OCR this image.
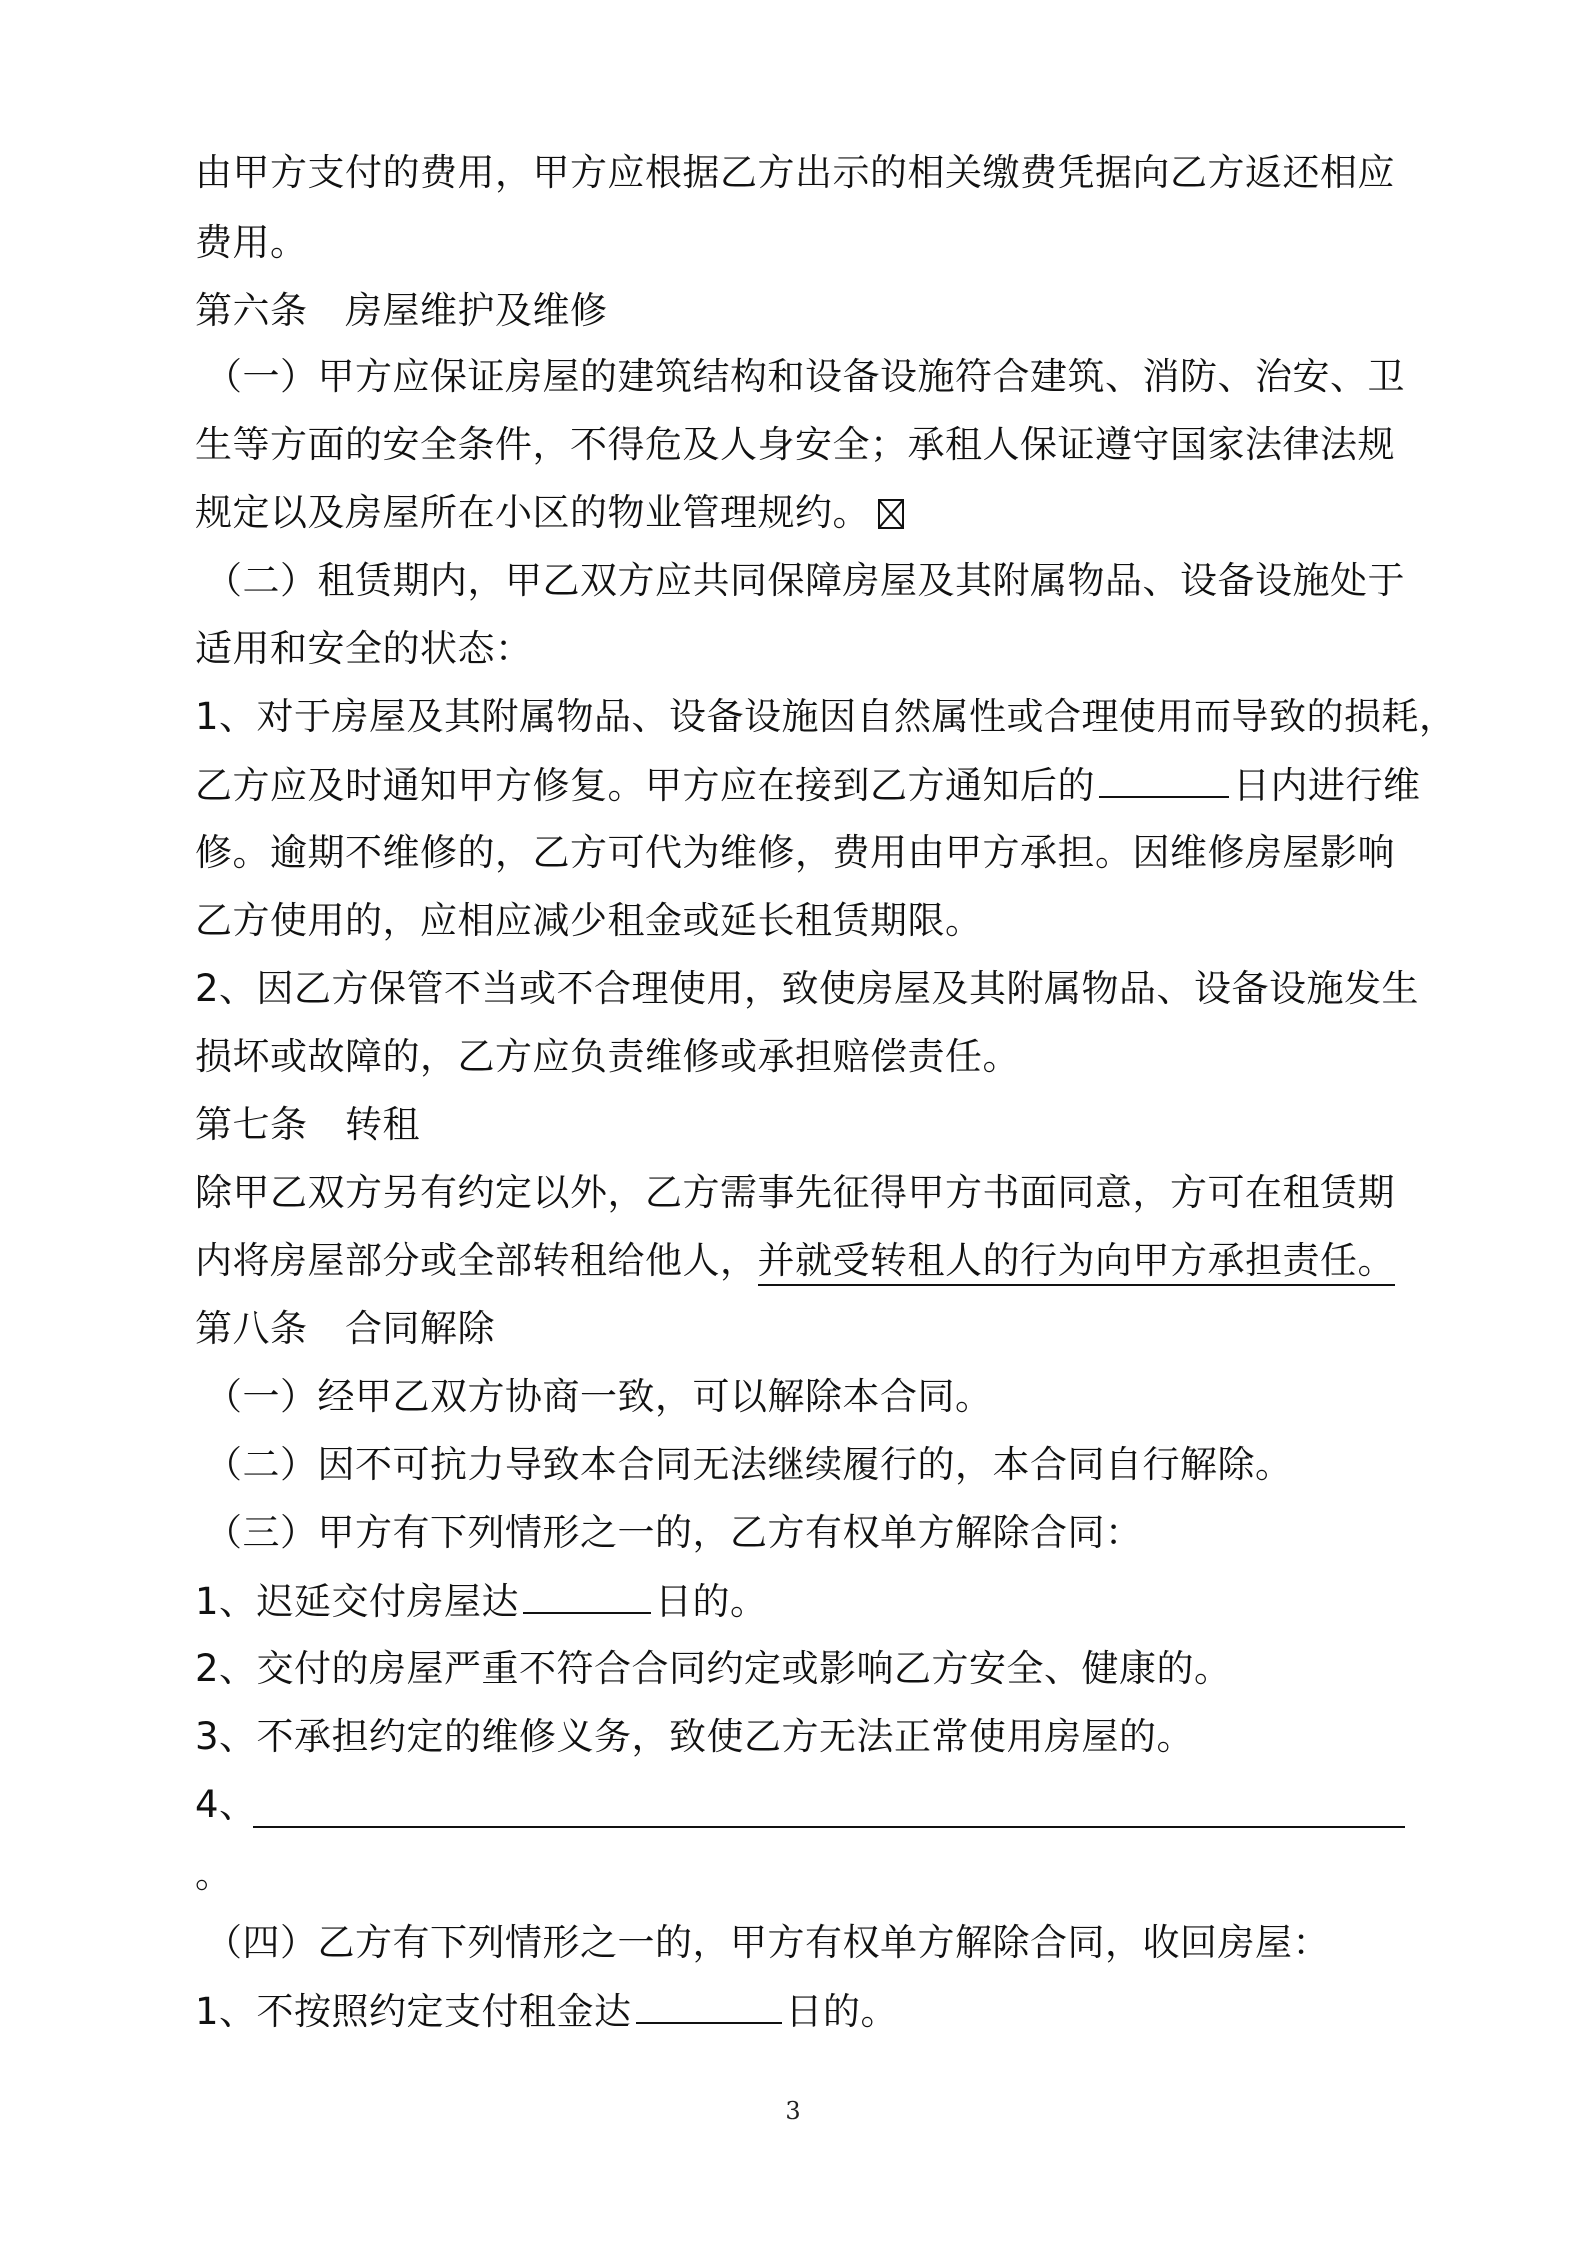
由甲方支付的费用，甲方应根据乙方出示的相关缴费凭据向乙方返还相应
费用。
第六条　房屋维护及维修
（一）甲方应保证房屋的建筑结构和设备设施符合建筑、消防、治安、卫
生等方面的安全条件，不得危及人身安全；承租人保证遵守国家法律法规
规定以及房屋所在小区的物业管理规约。
（二）租赁期内，甲乙双方应共同保障房屋及其附属物品、设备设施处于
适用和安全的状态：
1、对于房屋及其附属物品、设备设施因自然属性或合理使用而导致的损耗，
乙方应及时通知甲方修复。甲方应在接到乙方通知后的	日内进行维
修。逾期不维修的，乙方可代为维修，费用由甲方承担。因维修房屋影响
乙方使用的，应相应减少租金或延长租赁期限。
2、因乙方保管不当或不合理使用，致使房屋及其附属物品、设备设施发生
损坏或故障的，乙方应负责维修或承担赔偿责任。
第七条　转租
除甲乙双方另有约定以外，乙方需事先征得甲方书面同意，方可在租赁期
内将房屋部分或全部转租给他人，并就受转租人的行为向甲方承担责任。
第八条　合同解除
（一）经甲乙双方协商一致，可以解除本合同。
（二）因不可抗力导致本合同无法继续履行的，本合同自行解除。
（三）甲方有下列情形之一的，乙方有权单方解除合同：
1、迟延交付房屋达	日的。
2、交付的房屋严重不符合合同约定或影响乙方安全、健康的。
3、不承担约定的维修义务，致使乙方无法正常使用房屋的。
4、
。
（四）乙方有下列情形之一的，甲方有权单方解除合同，收回房屋：
1、不按照约定支付租金达	日的。
3
